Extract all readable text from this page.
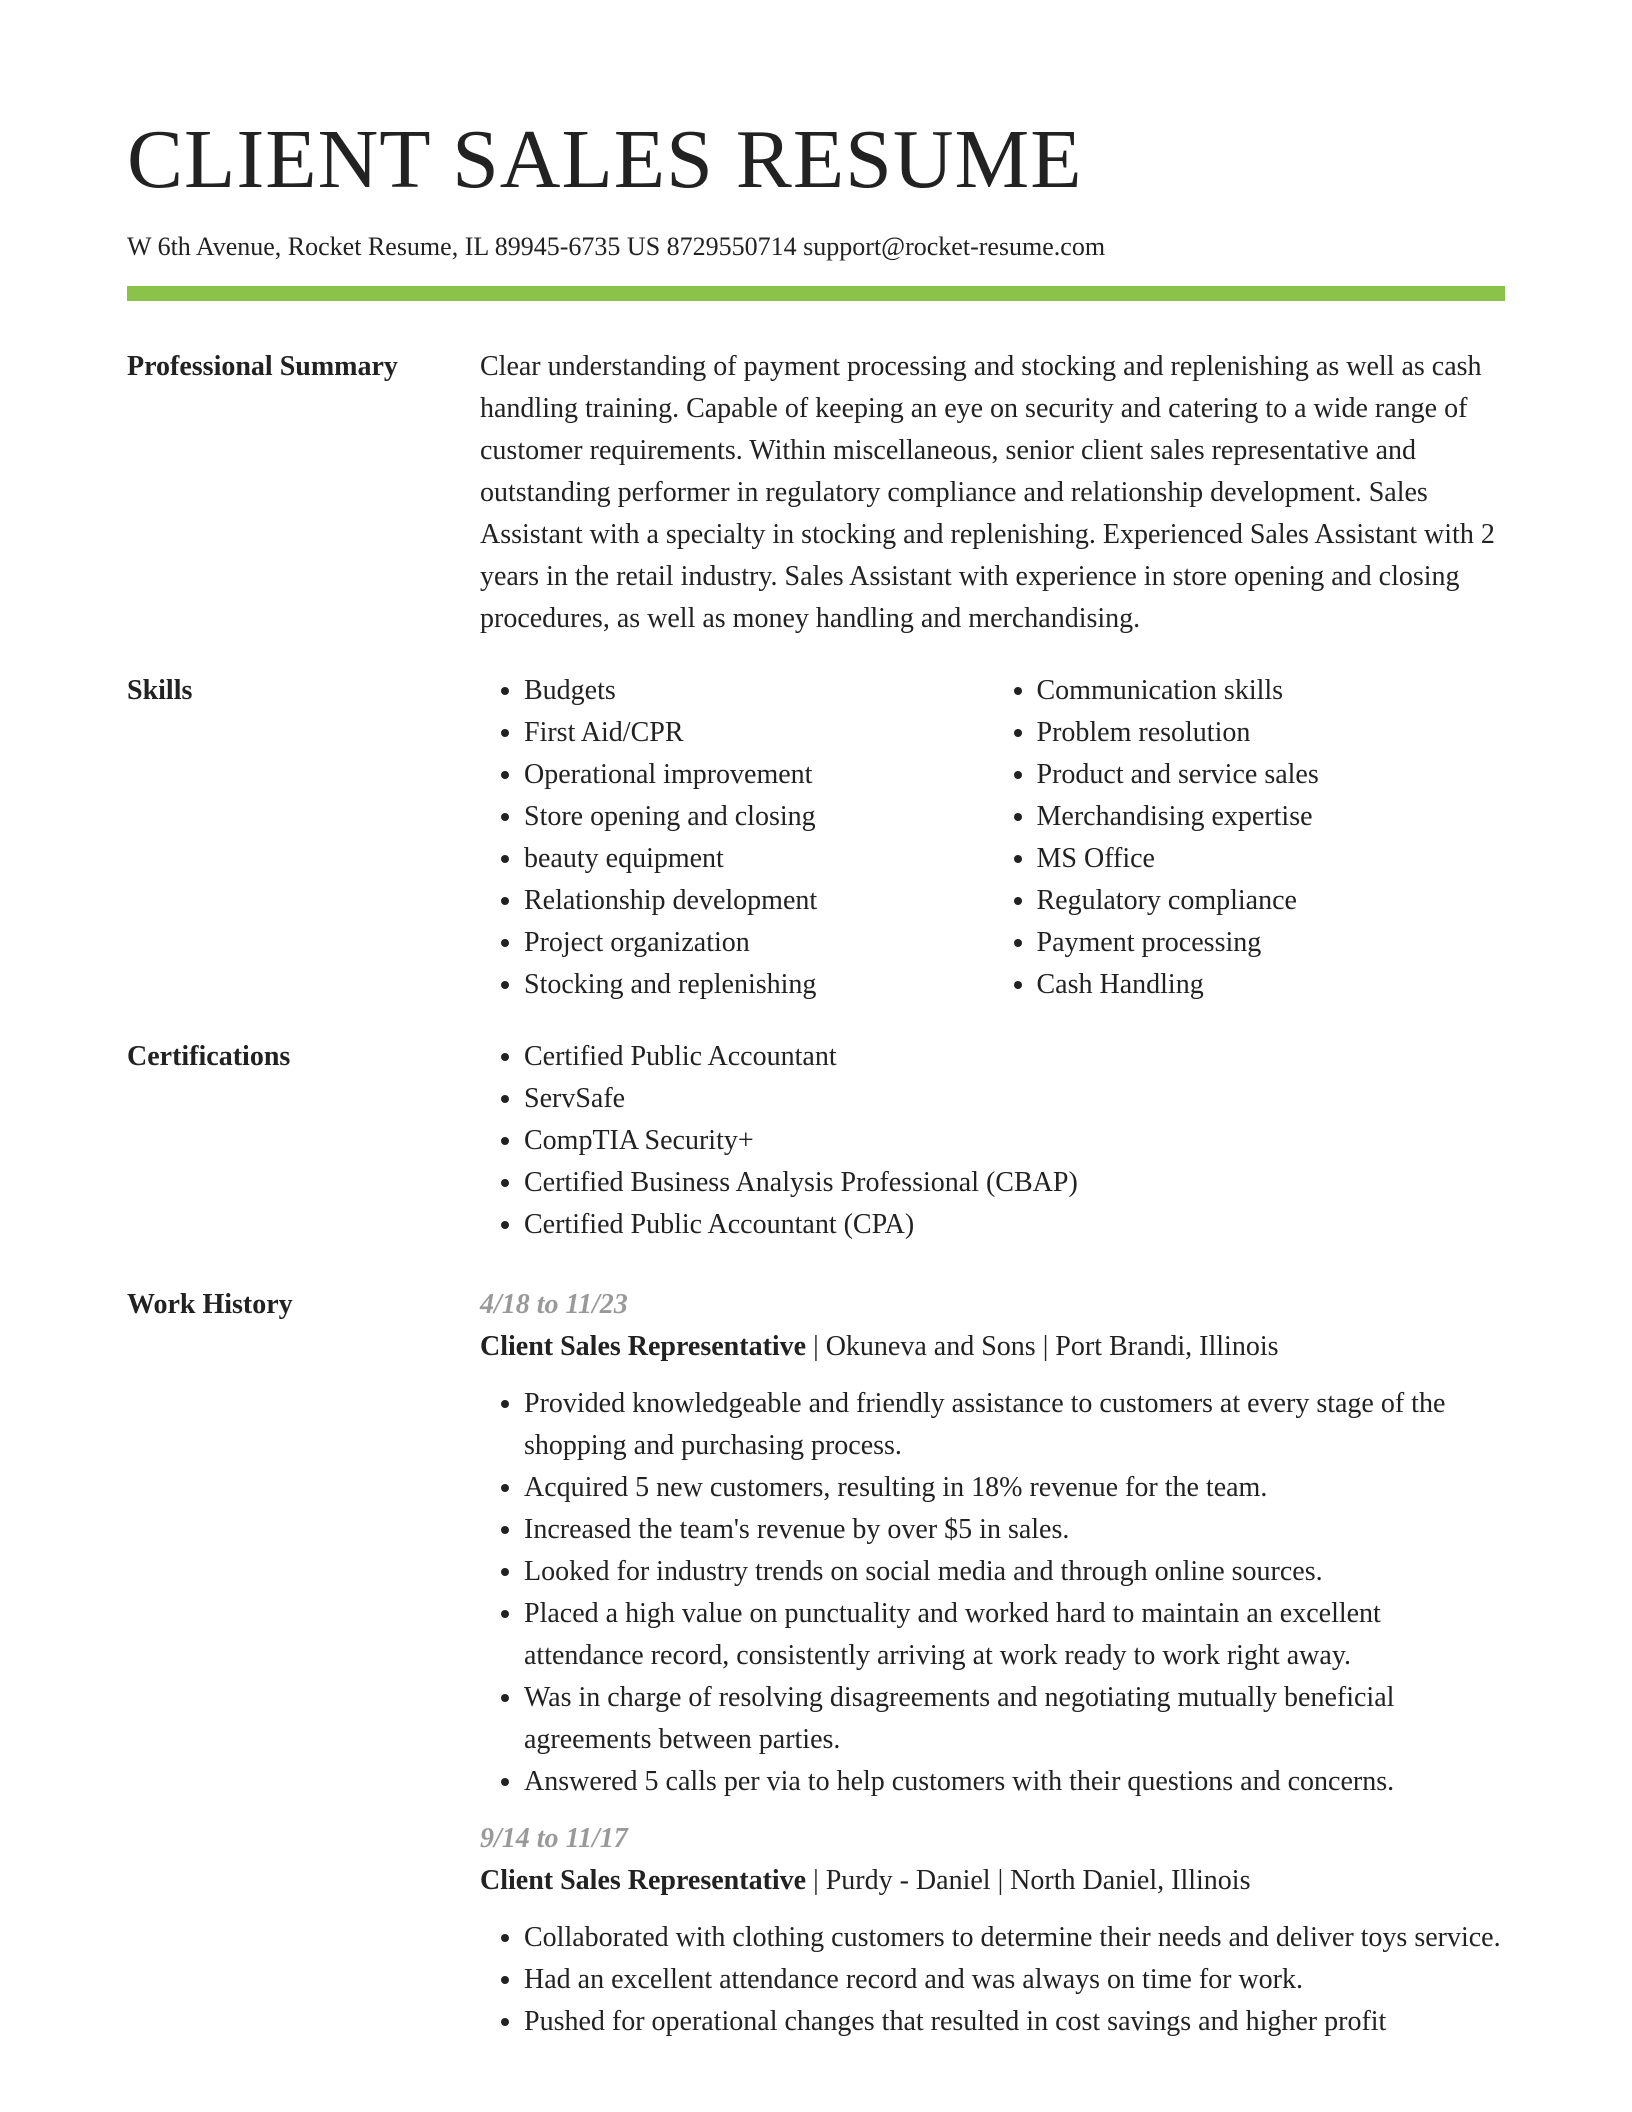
CLIENT SALES RESUME
W 6th Avenue, Rocket Resume, IL 89945-6735 US 8729550714 support@rocket-resume.com
Professional Summary	Clear understanding of payment processing and stocking and replenishing as well as cash handling training. Capable of keeping an eye on security and catering to a wide range of customer requirements. Within miscellaneous, senior client sales representative and outstanding performer in regulatory compliance and relationship development. Sales Assistant with a specialty in stocking and replenishing. Experienced Sales Assistant with 2 years in the retail industry. Sales Assistant with experience in store opening and closing procedures, as well as money handling and merchandising.

Skills	• Budgets
• First Aid/CPR
• Operational improvement
• Store opening and closing
• beauty equipment
• Relationship development
• Project organization
• Stocking and replenishing
• Communication skills
• Problem resolution
• Product and service sales
• Merchandising expertise
• MS Office
• Regulatory compliance
• Payment processing
• Cash Handling
Certifications	• Certified Public Accountant
• ServSafe
• CompTIA Security+
• Certified Business Analysis Professional (CBAP)
• Certified Public Accountant (CPA)
Work History	4/18 to 11/23

Client Sales Representative | Okuneva and Sons | Port Brandi, Illinois

• Provided knowledgeable and friendly assistance to customers at every stage of the shopping and purchasing process.
• Acquired 5 new customers, resulting in 18% revenue for the team.
• Increased the team's revenue by over $5 in sales.
• Looked for industry trends on social media and through online sources.
• Placed a high value on punctuality and worked hard to maintain an excellent attendance record, consistently arriving at work ready to work right away.
• Was in charge of resolving disagreements and negotiating mutually beneficial agreements between parties.
• Answered 5 calls per via to help customers with their questions and concerns.

9/14 to 11/17

Client Sales Representative | Purdy - Daniel | North Daniel, Illinois

• Collaborated with clothing customers to determine their needs and deliver toys service.
• Had an excellent attendance record and was always on time for work.
• Pushed for operational changes that resulted in cost savings and higher profit
